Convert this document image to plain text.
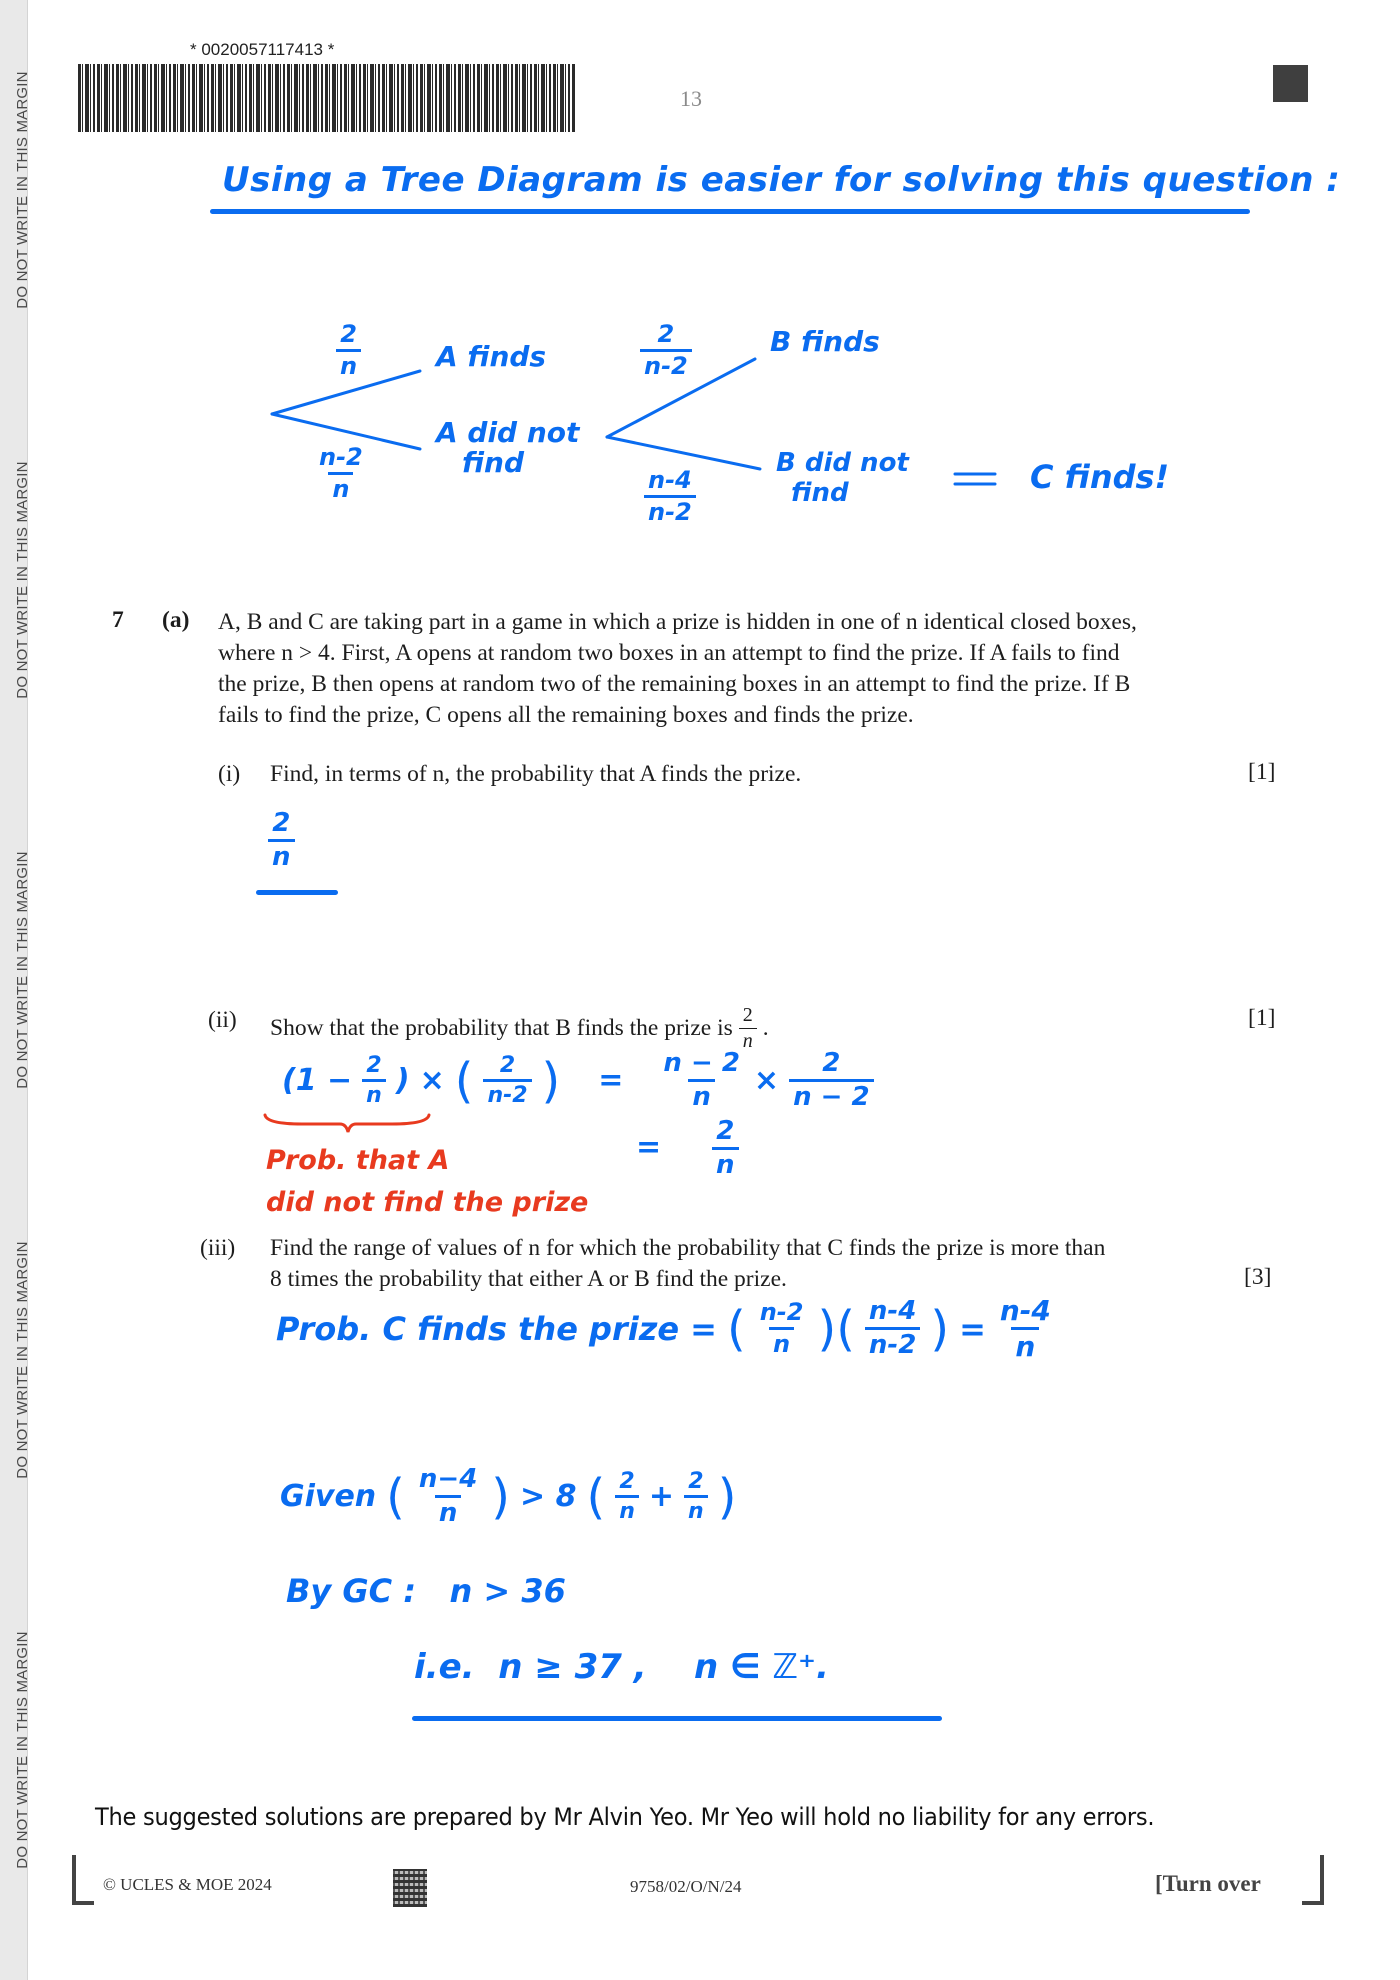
DO NOT WRITE IN THIS MARGIN
DO NOT WRITE IN THIS MARGIN
DO NOT WRITE IN THIS MARGIN
DO NOT WRITE IN THIS MARGIN
DO NOT WRITE IN THIS MARGIN
* 0020057117413 *
13
Using a Tree Diagram is easier for solving this question :
$\frac{2}{n}$	A finds
$\frac{n-2}{n}$
A did not
find
$\frac{2}{n-2}$	B finds
$\frac{n-4}{n-2}$
B did not
find	C finds!
7 (a) A, B and C are taking part in a game in which a prize is hidden in one of n identical closed boxes,
where n > 4. First, A opens at random two boxes in an attempt to find the prize. If A fails to find
the prize, B then opens at random two of the remaining boxes in an attempt to find the prize. If B
fails to find the prize, C opens all the remaining boxes and finds the prize.
(i) Find, in terms of n, the probability that A finds the prize.	[1]
$\frac{2}{n}$
(ii) Show that the probability that B finds the prize is $\frac{2}{n}$ .	[1]
($1 - \frac{2}{n}$ ) × ( $\frac{2}{n-2}$ ) = $\frac{n - 2}{n} \times \frac{2}{n - 2}$
Prob. that A
did not find the prize
= $\frac{2}{n}$
(iii) Find the range of values of n for which the probability that C finds the prize is more than
8 times the probability that either A or B find the prize.	[3]
Prob. C finds the prize = ( $\frac{n-2}{n}$ )( $\frac{n-4}{n-2}$ ) = $\frac{n-4}{n}$
Given ( $\frac{n-4}{n}$ ) > 8 ( $\frac{2}{n} + \frac{2}{n}$ )
By GC :   n > 36
i.e.  n ≥ 37 ,    n ∈ ℤ⁺.
The suggested solutions are prepared by Mr Alvin Yeo. Mr Yeo will hold no liability for any errors.
© UCLES & MOE 2024	9758/02/O/N/24	[Turn over
